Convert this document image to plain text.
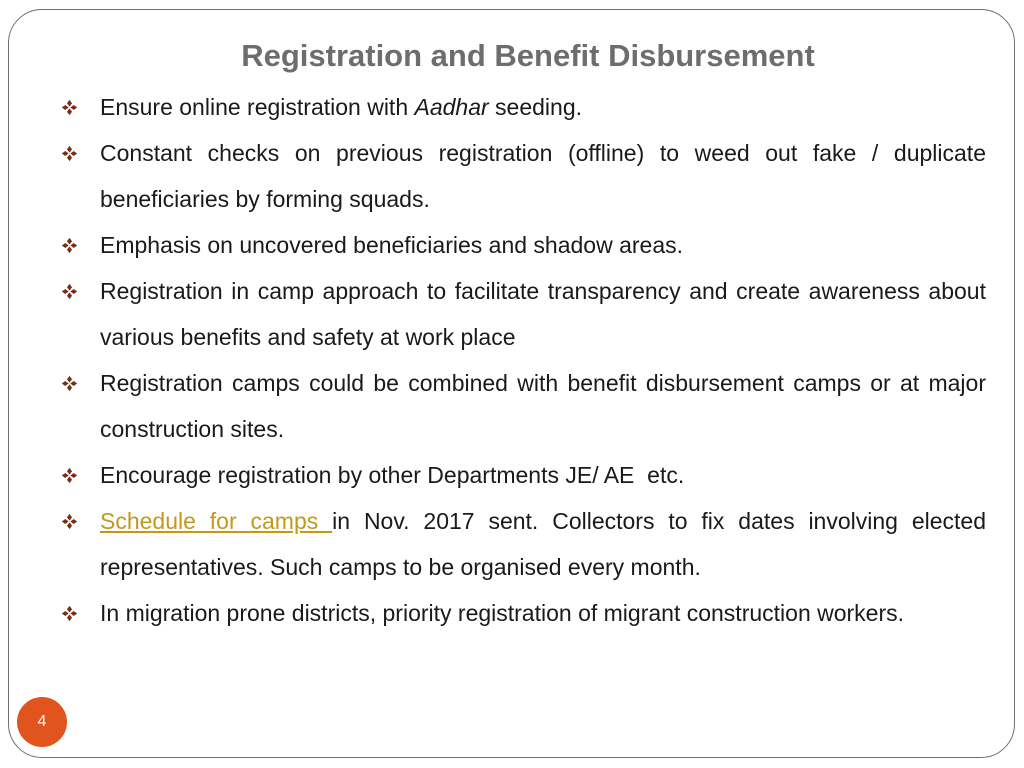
Registration and Benefit Disbursement
Ensure online registration with Aadhar seeding.
Constant checks on previous registration (offline) to weed out fake / duplicate beneficiaries by forming squads.
Emphasis on uncovered beneficiaries and shadow areas.
Registration in camp approach to facilitate transparency and create awareness about various benefits and safety at work place
Registration camps could be combined with benefit disbursement camps or at major construction sites.
Encourage registration by other Departments JE/ AE  etc.
Schedule for camps in Nov. 2017 sent. Collectors to fix dates involving elected representatives. Such camps to be organised every month.
In migration prone districts, priority registration of migrant construction workers.
4
